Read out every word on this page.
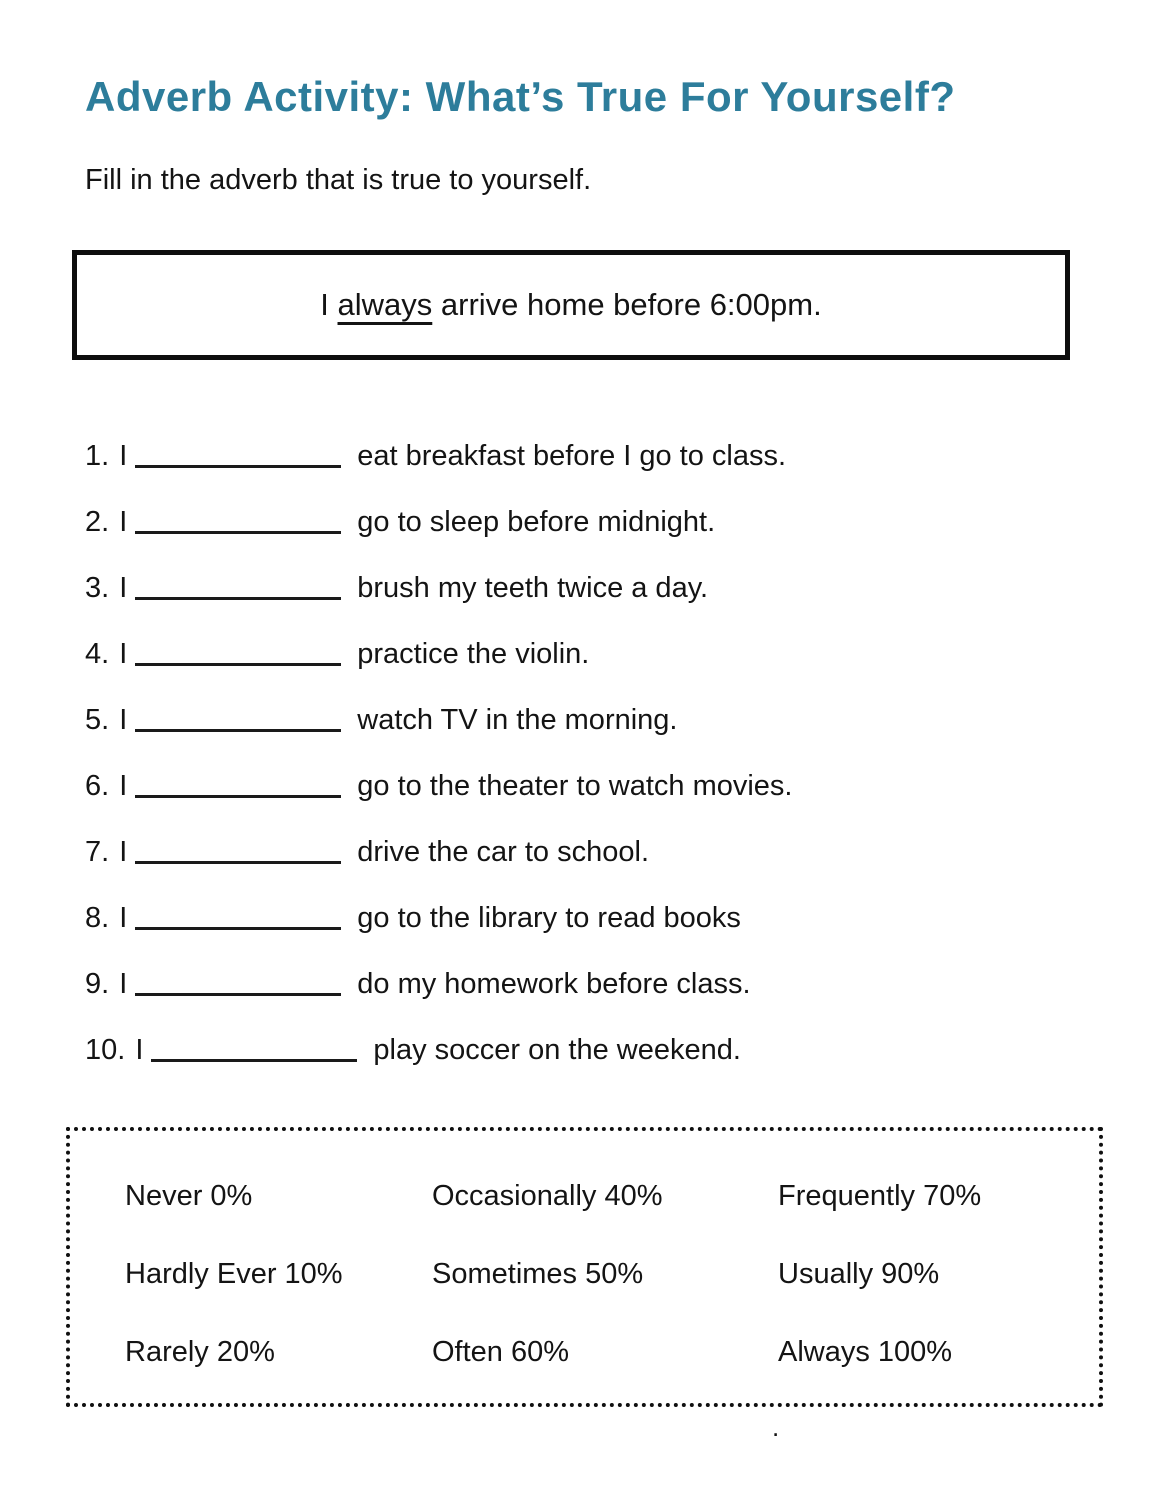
Adverb Activity: What’s True For Yourself?
Fill in the adverb that is true to yourself.
I always arrive home before 6:00pm.
1. I	eat breakfast before I go to class.
2. I	go to sleep before midnight.
3. I	brush my teeth twice a day.
4. I	practice the violin.
5. I	watch TV in the morning.
6. I	go to the theater to watch movies.
7. I	drive the car to school.
8. I	go to the library to read books
9. I	do my homework before class.
10. I	play soccer on the weekend.
Never 0%	Occasionally 40%	Frequently 70%
Hardly Ever 10%	Sometimes 50%	Usually 90%
Rarely 20%	Often 60%	Always 100%
.
